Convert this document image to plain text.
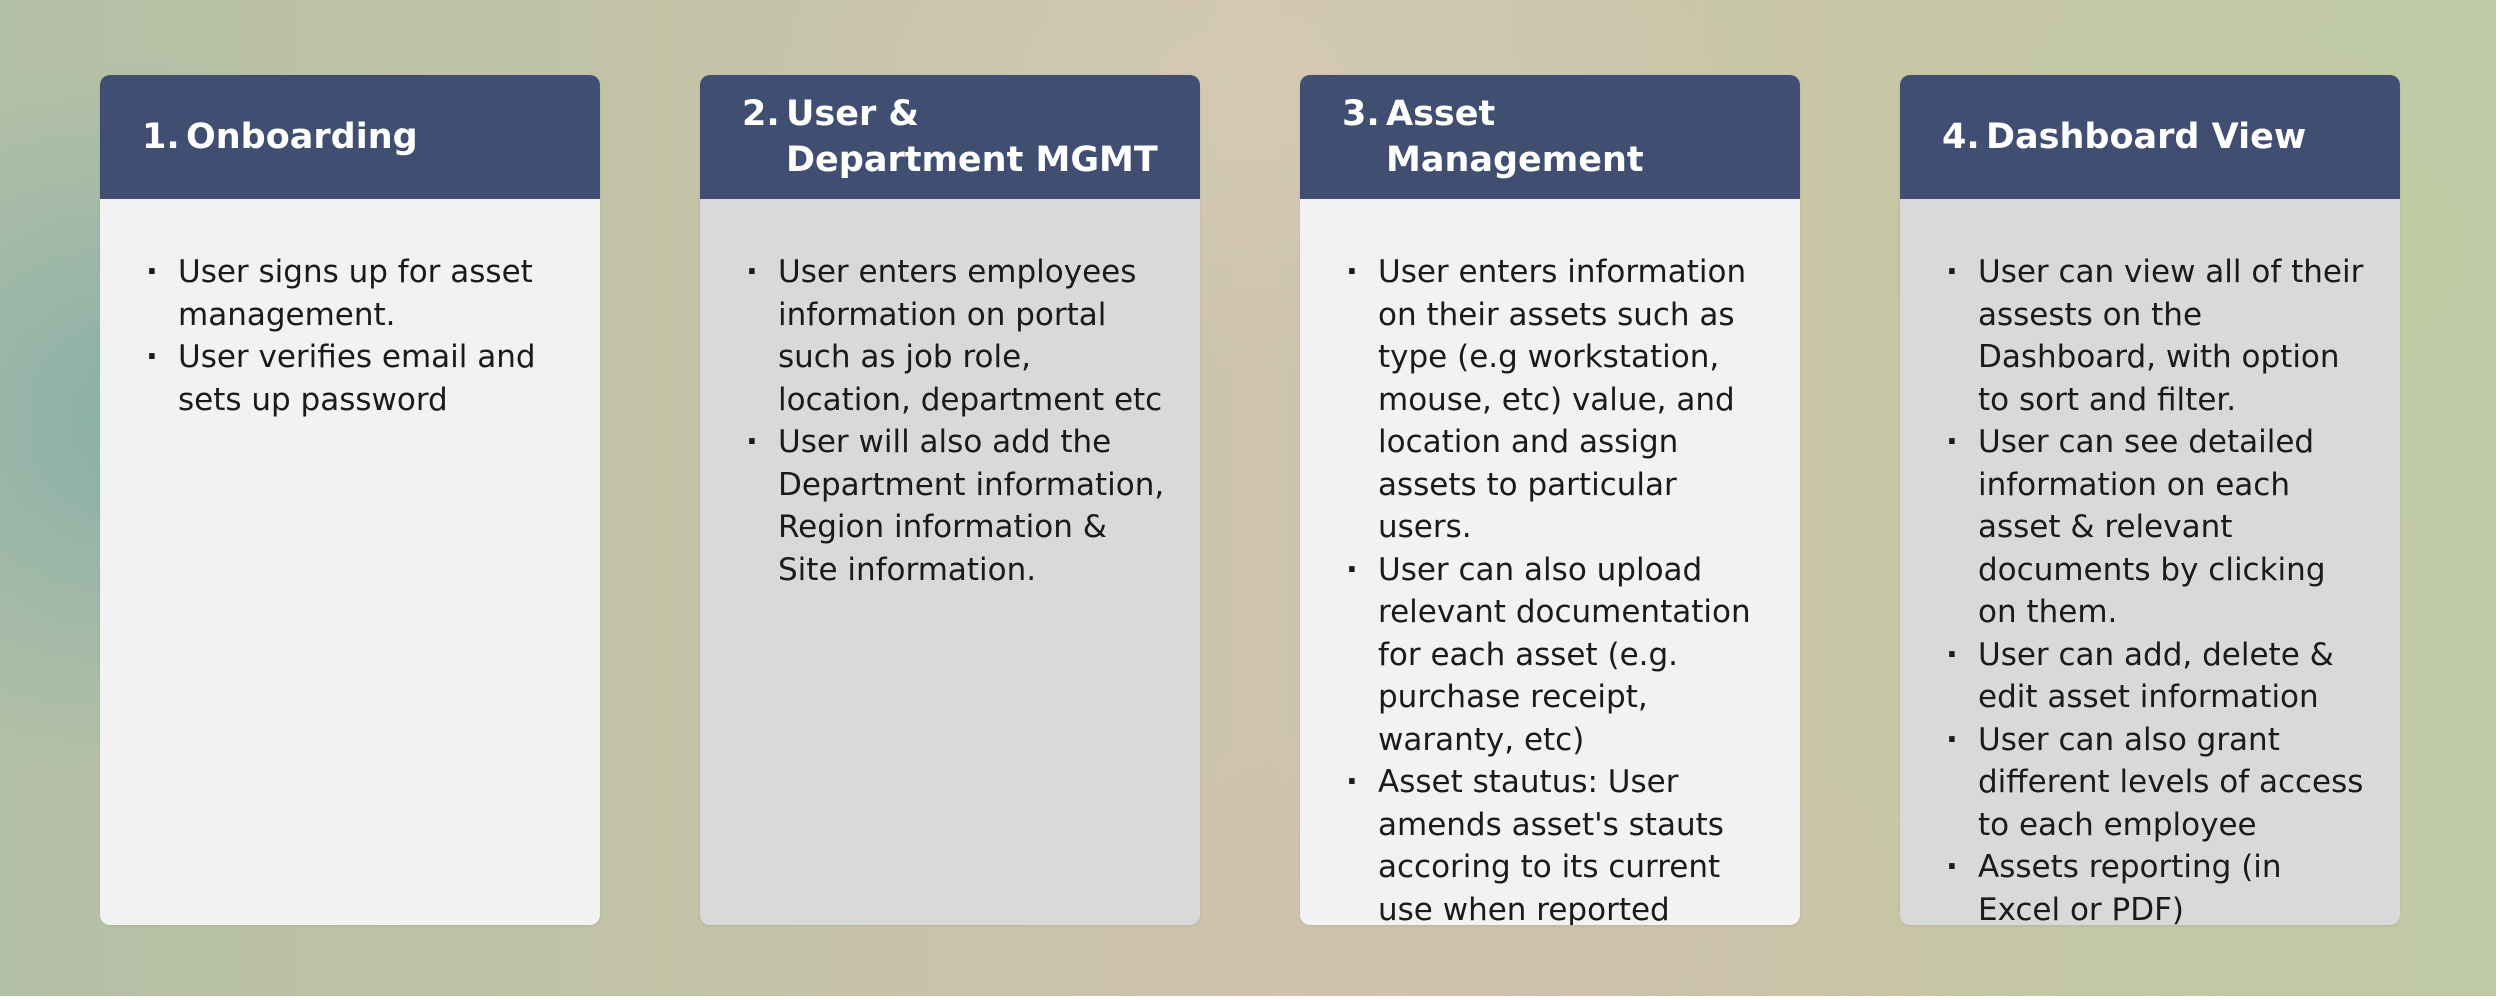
1. Onboarding
· User signs up for asset management.
· User verifies email and sets up password
2. User & Department MGMT
· User enters employees information on portal such as job role, location, department etc
· User will also add the Department information, Region information & Site information.
3. Asset Management
· User enters information on their assets such as type (e.g workstation, mouse, etc) value, and location and assign assets to particular users.
· User can also upload relevant documentation for each asset (e.g. purchase receipt, waranty, etc)
· Asset stautus: User amends asset's stauts accoring to its current use when reported
4. Dashboard View
· User can view all of their assests on the Dashboard, with option to sort and filter.
· User can see detailed information on each asset & relevant documents by clicking on them.
· User can add, delete & edit asset information
· User can also grant different levels of access to each employee
· Assets reporting (in Excel or PDF)
